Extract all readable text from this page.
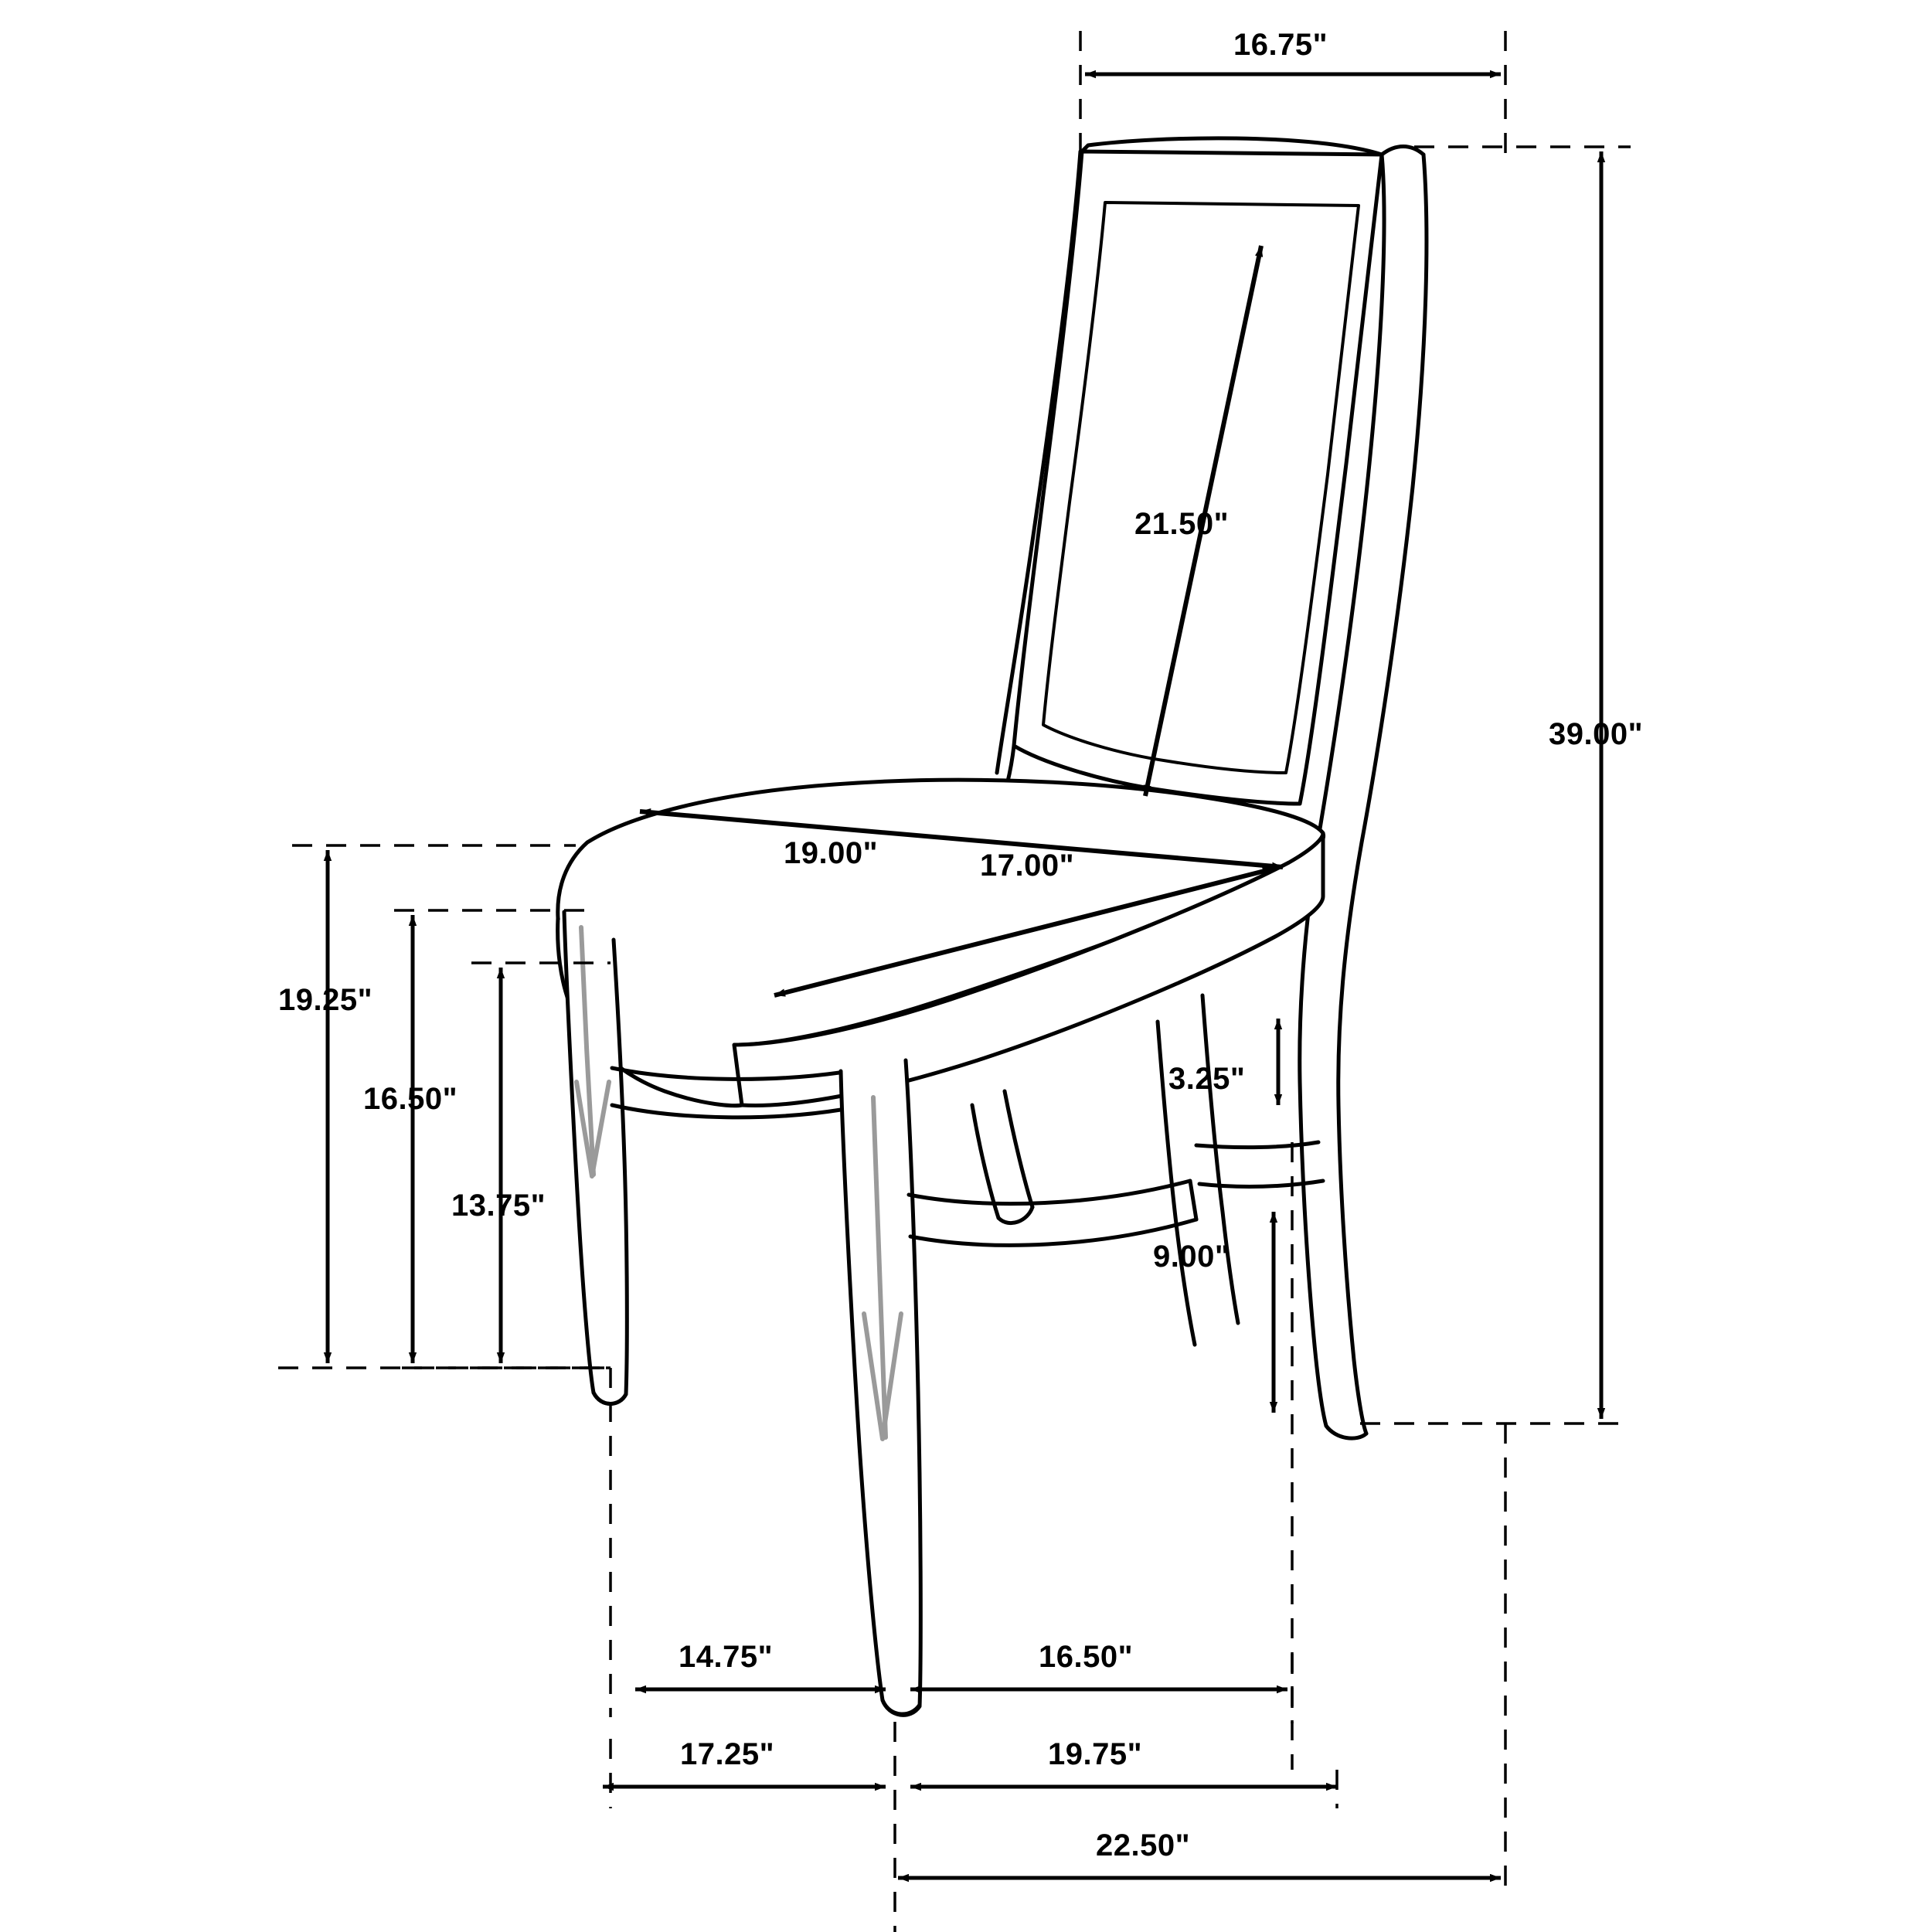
16.75"
39.00"
21.50"
19.00"	17.00"
19.25"
16.50"
13.75"
3.25"
9.00"
14.75"	16.50"
17.25"	19.75"
22.50"
